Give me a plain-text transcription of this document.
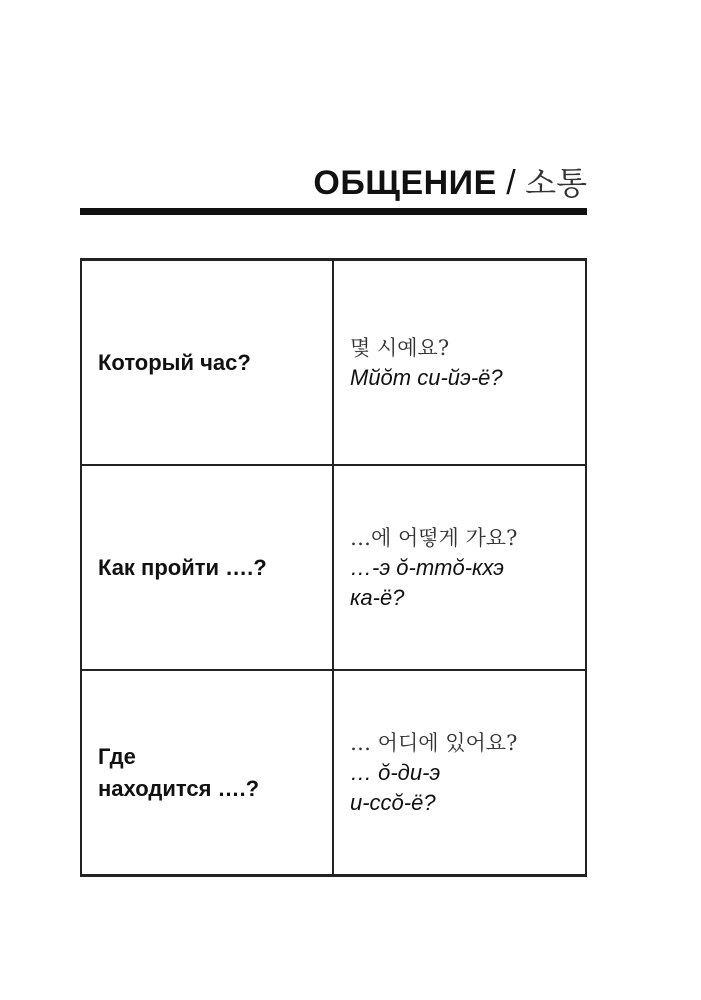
ОБЩЕНИЕ / 소통
Который час?	몇 시예요?
Мйŏт си-йэ-ё?

Как пройти ….?	…에 어떻게 가요?
…-э ŏ-ттŏ-кхэ
ка-ё?

Где
находится ….?	… 어디에 있어요?
… ŏ-ди-э
и-ссŏ-ё?
